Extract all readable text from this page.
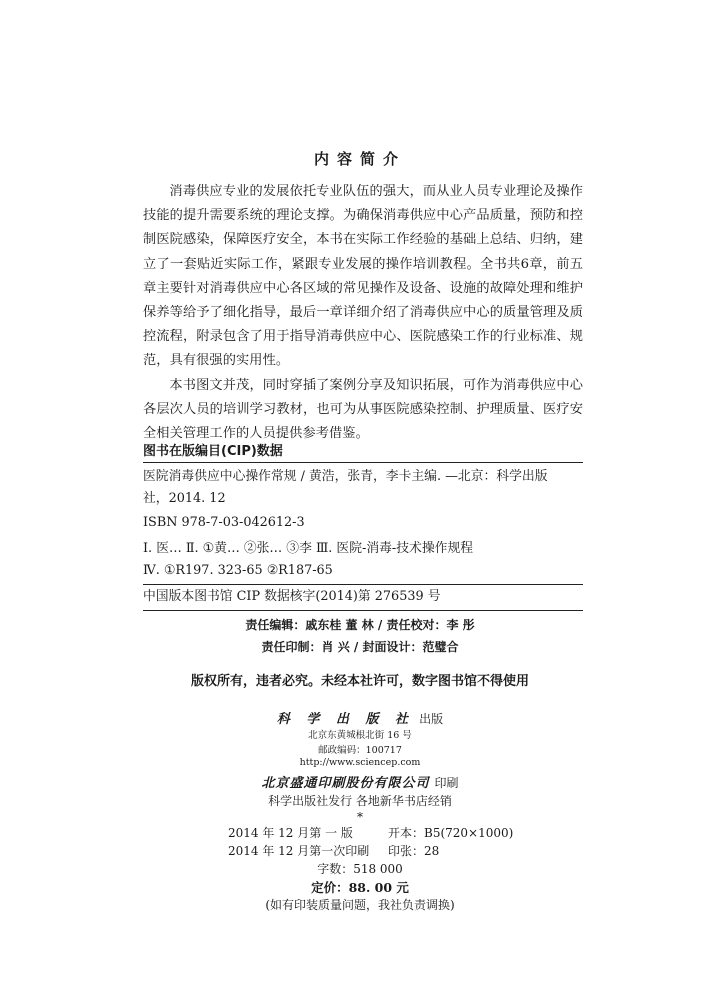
内容简介

消毒供应专业的发展依托专业队伍的强大，而从业人员专业理论及操作技能的提升需要系统的理论支撑。为确保消毒供应中心产品质量，预防和控制医院感染，保障医疗安全，本书在实际工作经验的基础上总结、归纳，建立了一套贴近实际工作，紧跟专业发展的操作培训教程。全书共6章，前五章主要针对消毒供应中心各区域的常见操作及设备、设施的故障处理和维护保养等给予了细化指导，最后一章详细介绍了消毒供应中心的质量管理及质控流程，附录包含了用于指导消毒供应中心、医院感染工作的行业标准、规范，具有很强的实用性。

本书图文并茂，同时穿插了案例分享及知识拓展，可作为消毒供应中心各层次人员的培训学习教材，也可为从事医院感染控制、护理质量、医疗安全相关管理工作的人员提供参考借鉴。

图书在版编目(CIP)数据
医院消毒供应中心操作常规 / 黄浩，张青，李卡主编. —北京：科学出版
社，2014. 12
ISBN 978-7-03-042612-3
Ⅰ. 医… Ⅱ. ①黄… ②张… ③李 Ⅲ. 医院-消毒-技术操作规程
Ⅳ. ①R197. 323-65 ②R187-65
中国版本图书馆 CIP 数据核字(2014)第 276539 号
责任编辑：戚东桂 董 林 / 责任校对：李 彤
责任印制：肖 兴 / 封面设计：范璧合
版权所有，违者必究。未经本社许可，数字图书馆不得使用
科 学 出 版 社 出版
北京东黄城根北街 16 号
邮政编码：100717
http://www.sciencep.com
北京盛通印刷股份有限公司 印刷
科学出版社发行 各地新华书店经销
*
2014 年 12 月第 一 版	开本：B5(720×1000)
2014 年 12 月第一次印刷 印张：28
字数：518 000
定价：88. 00 元
(如有印装质量问题，我社负责调换)
